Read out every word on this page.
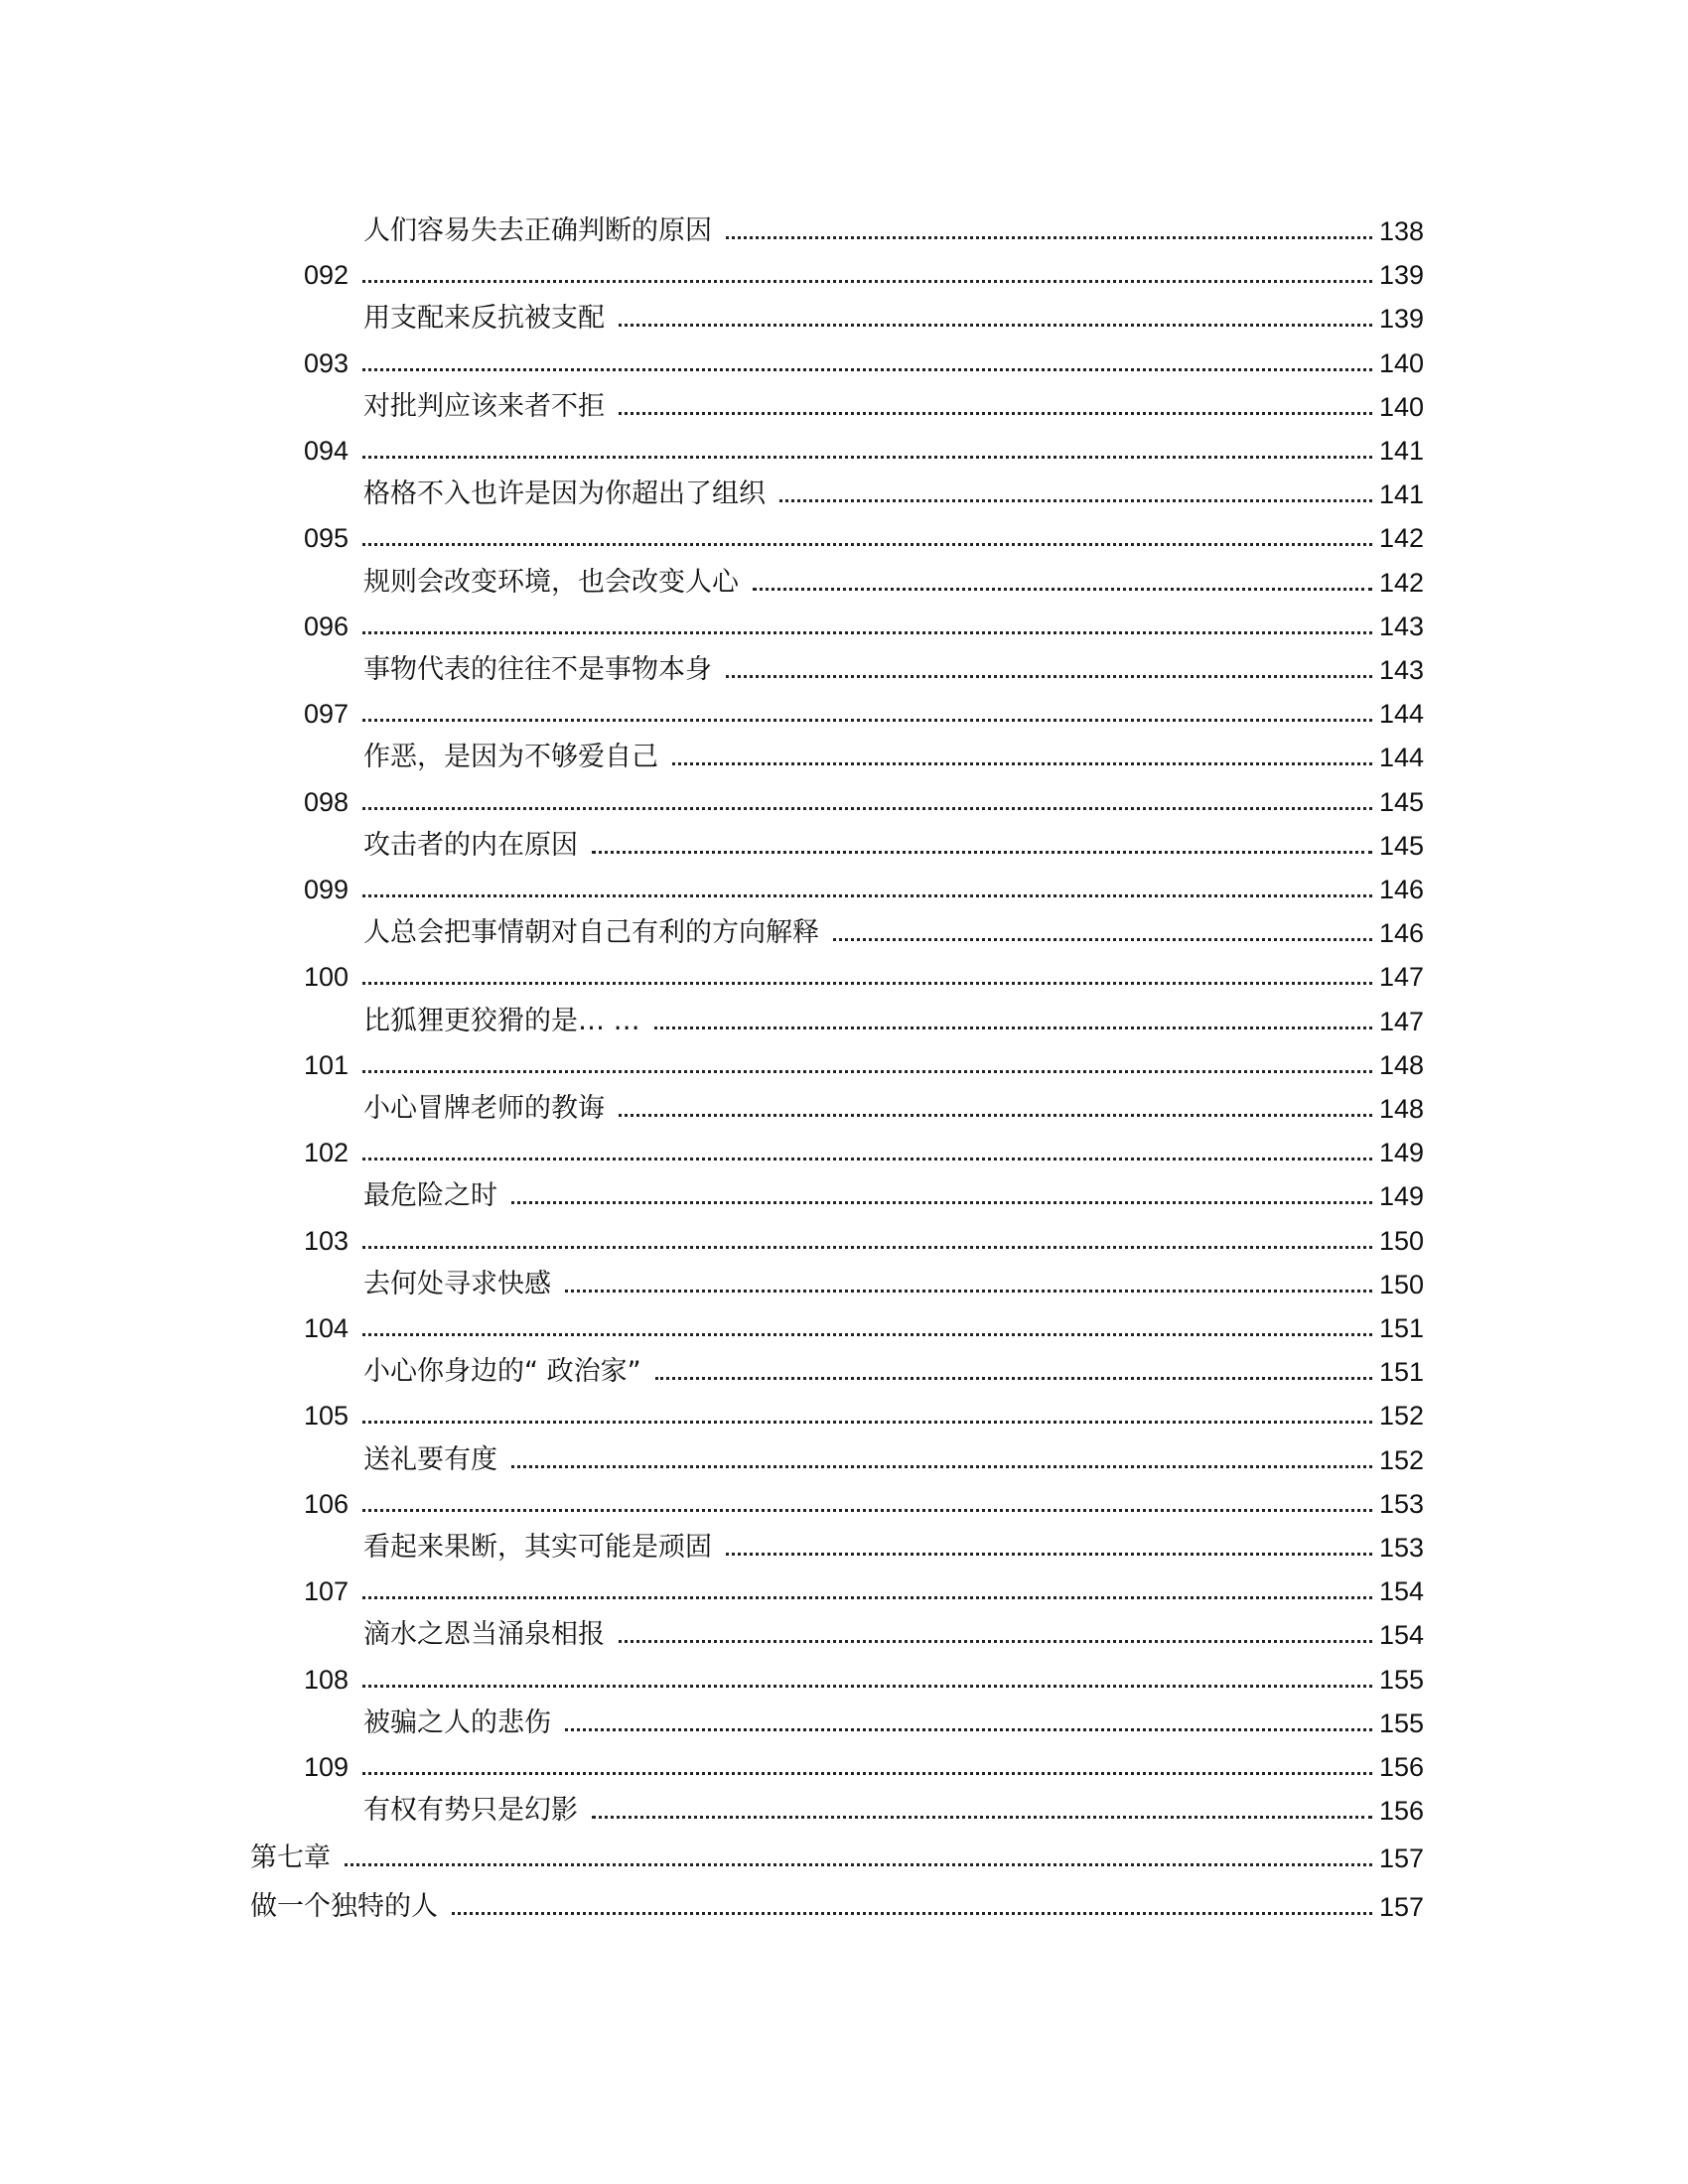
人们容易失去正确判断的原因	138
092	139
用支配来反抗被支配	139
093	140
对批判应该来者不拒	140
094	141
格格不入也许是因为你超出了组织	141
095	142
规则会改变环境，也会改变人心	142
096	143
事物代表的往往不是事物本身	143
097	144
作恶，是因为不够爱自己	144
098	145
攻击者的内在原因	145
099	146
人总会把事情朝对自己有利的方向解释	146
100	147
比狐狸更狡猾的是… …	147
101	148
小心冒牌老师的教诲	148
102	149
最危险之时	149
103	150
去何处寻求快感	150
104	151
小心你身边的“ 政治家”	151
105	152
送礼要有度	152
106	153
看起来果断，其实可能是顽固	153
107	154
滴水之恩当涌泉相报	154
108	155
被骗之人的悲伤	155
109	156
有权有势只是幻影	156
第七章	157
做一个独特的人	157
